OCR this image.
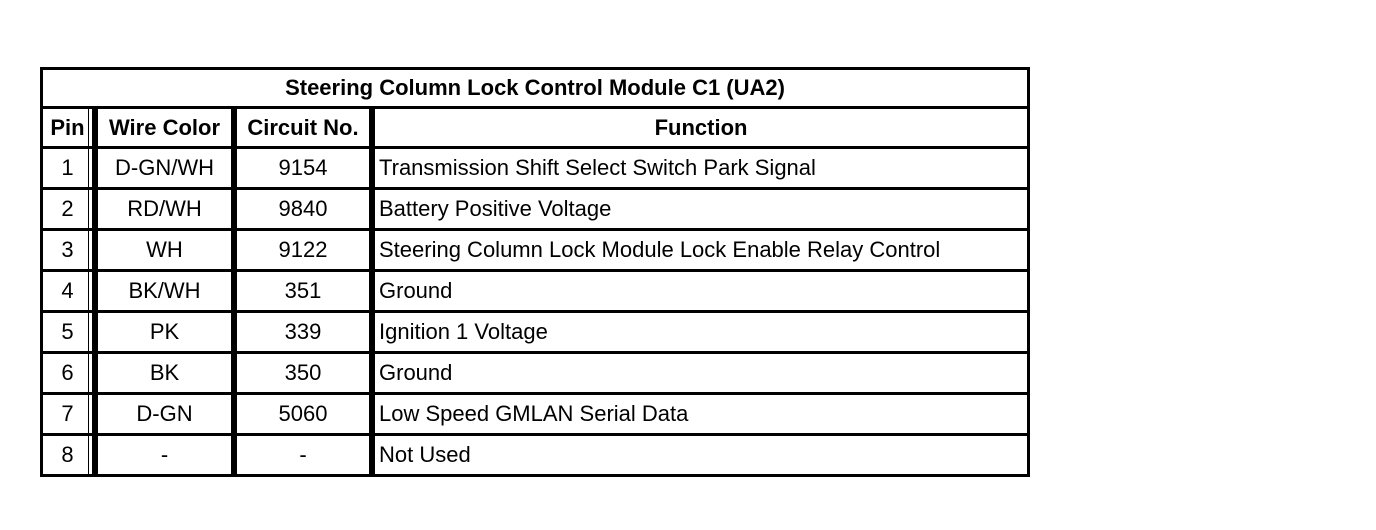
Steering Column Lock Control Module C1 (UA2)			
Pin	Wire Color	Circuit No.	Function
1	D-GN/WH	9154	Transmission Shift Select Switch Park Signal
2	RD/WH	9840	Battery Positive Voltage
3	WH	9122	Steering Column Lock Module Lock Enable Relay Control
4	BK/WH	351	Ground
5	PK	339	Ignition 1 Voltage
6	BK	350	Ground
7	D-GN	5060	Low Speed GMLAN Serial Data
8	-	-	Not Used
